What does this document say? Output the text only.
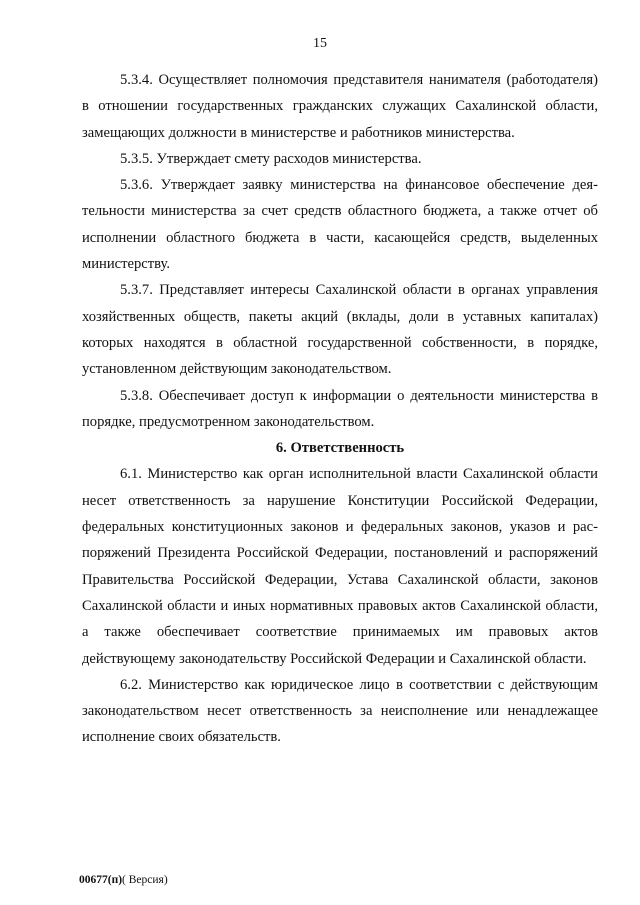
15

5.3.4. Осуществляет полномочия представителя нанимателя (работодателя) в отношении государственных гражданских служащих Сахалинской области, замещающих должности в министерстве и работников министерства.

5.3.5. Утверждает смету расходов министерства.

5.3.6. Утверждает заявку министерства на финансовое обеспечение деятельности министерства за счет средств областного бюджета, а также отчет об исполнении областного бюджета в части, касающейся средств, выделенных министерству.

5.3.7. Представляет интересы Сахалинской области в органах управления хозяйственных обществ, пакеты акций (вклады, доли в уставных капиталах) которых находятся в областной государственной собственности, в порядке, установленном действующим законодательством.

5.3.8. Обеспечивает доступ к информации о деятельности министерства в порядке, предусмотренном законодательством.

6. Ответственность

6.1. Министерство как орган исполнительной власти Сахалинской области несет ответственность за нарушение Конституции Российской Федерации, федеральных конституционных законов и федеральных законов, указов и распоряжений Президента Российской Федерации, постановлений и распоряжений Правительства Российской Федерации, Устава Сахалинской области, законов Сахалинской области и иных нормативных правовых актов Сахалинской области, а также обеспечивает соответствие принимаемых им правовых актов действующему законодательству Российской Федерации и Сахалинской области.

6.2. Министерство как юридическое лицо в соответствии с действующим законодательством несет ответственность за неисполнение или ненадлежащее исполнение своих обязательств.

00677(п)( Версия)
